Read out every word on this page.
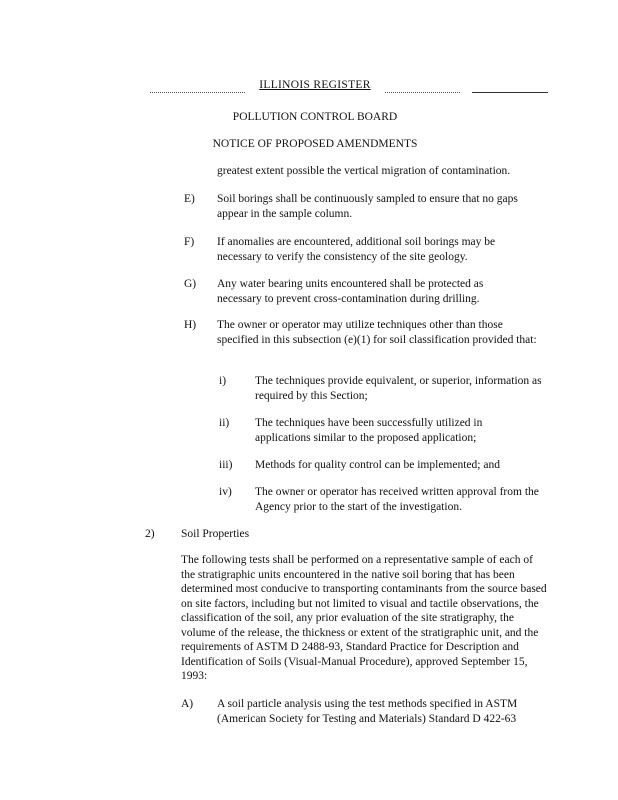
ILLINOIS REGISTER
POLLUTION CONTROL BOARD
NOTICE OF PROPOSED AMENDMENTS
greatest extent possible the vertical migration of contamination.
E) Soil borings shall be continuously sampled to ensure that no gaps appear in the sample column.
F) If anomalies are encountered, additional soil borings may be necessary to verify the consistency of the site geology.
G) Any water bearing units encountered shall be protected as necessary to prevent cross-contamination during drilling.
H) The owner or operator may utilize techniques other than those specified in this subsection (e)(1) for soil classification provided that:
i)	The techniques provide equivalent, or superior, information as required by this Section;
ii) The techniques have been successfully utilized in applications similar to the proposed application;
iii) Methods for quality control can be implemented; and
iv) The owner or operator has received written approval from the Agency prior to the start of the investigation.
2) Soil Properties
The following tests shall be performed on a representative sample of each of the stratigraphic units encountered in the native soil boring that has been determined most conducive to transporting contaminants from the source based on site factors, including but not limited to visual and tactile observations, the classification of the soil, any prior evaluation of the site stratigraphy, the volume of the release, the thickness or extent of the stratigraphic unit, and the requirements of ASTM D 2488-93, Standard Practice for Description and Identification of Soils (Visual-Manual Procedure), approved September 15, 1993:
A) A soil particle analysis using the test methods specified in ASTM (American Society for Testing and Materials) Standard D 422-63
